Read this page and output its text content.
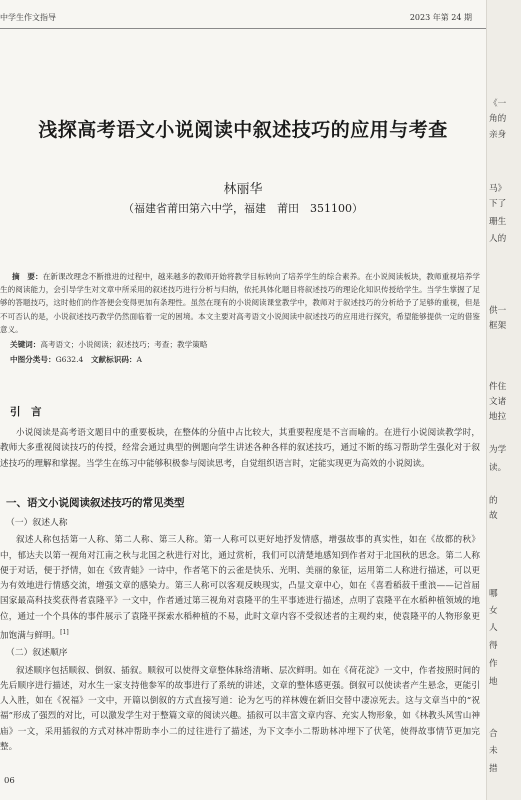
中学生作文指导	2023 年第 24 期
浅探高考语文小说阅读中叙述技巧的应用与考查
林丽华
（福建省莆田第六中学，福建　莆田　351100）

摘　要：在新课改理念不断推进的过程中，越来越多的教师开始将教学目标转向了培养学生的综合素养。在小说阅读板块，教师重视培养学生的阅读能力，会引导学生对文章中所采用的叙述技巧进行分析与归纳，依托具体化题目将叙述技巧的理论化知识传授给学生。当学生掌握了足够的答题技巧，这时他们的作答便会变得更加有条理性。虽然在现有的小说阅读课堂教学中，教师对于叙述技巧的分析给予了足够的重视，但是不可否认的是，小说叙述技巧教学仍然面临着一定的困境。本文主要对高考语文小说阅读中叙述技巧的应用进行探究，希望能够提供一定的借鉴意义。

关键词：高考语文；小说阅读；叙述技巧；考查；教学策略
中图分类号：G632.4  文献标识码：A
引　言

小说阅读是高考语文题目中的重要板块，在整体的分值中占比较大，其重要程度是不言而喻的。在进行小说阅读教学时，教师大多重视阅读技巧的传授，经常会通过典型的例题向学生讲述各种各样的叙述技巧，通过不断的练习帮助学生强化对于叙述技巧的理解和掌握。当学生在练习中能够积极参与阅读思考，自觉组织语言时，定能实现更为高效的小说阅读。

一、语文小说阅读叙述技巧的常见类型
（一）叙述人称

叙述人称包括第一人称、第二人称、第三人称。第一人称可以更好地抒发情感，增强故事的真实性，如在《故都的秋》中，郁达夫以第一视角对江南之秋与北国之秋进行对比，通过赏析，我们可以清楚地感知到作者对于北国秋的思念。第二人称便于对话，便于抒情，如在《致青蛙》一诗中，作者笔下的云雀是快乐、光明、美丽的象征，运用第二人称进行描述，可以更为有效地进行情感交流，增强文章的感染力。第三人称可以客观反映现实，凸显文章中心，如在《喜看稻菽千重浪——记首届国家最高科技奖获得者袁隆平》一文中，作者通过第三视角对袁隆平的生平事迹进行描述，点明了袁隆平在水稻种植领域的地位，通过一个个具体的事件展示了袁隆平探索水稻种植的不易，此时文章内容不受叙述者的主观约束，使袁隆平的人物形象更加饱满与鲜明。[1]

（二）叙述顺序

叙述顺序包括顺叙、倒叙、插叙。顺叙可以使得文章整体脉络清晰、层次鲜明。如在《荷花淀》一文中，作者按照时间的先后顺序进行描述，对水生一家支持他参军的故事进行了系统的讲述，文章的整体感更强。倒叙可以使读者产生悬念，更能引人入胜，如在《祝福》一文中，开篇以倒叙的方式直接写道：论为乞丐的祥林嫂在新旧交替中凄凉死去。这与文章当中的“祝福”形成了强烈的对比，可以激发学生对于整篇文章的阅读兴趣。插叙可以丰富文章内容、充实人物形象，如《林教头风雪山神庙》一文，采用插叙的方式对林冲帮助李小二的过往进行了描述，为下文李小二帮助林冲埋下了伏笔，使得故事情节更加完整。

06
《一
角的
亲身
马》
下了
珊生
人的
供一
框架
件住
文诸
地拉
为学
读。
的
故
哪
女
人
得
作
地
合
未
措
